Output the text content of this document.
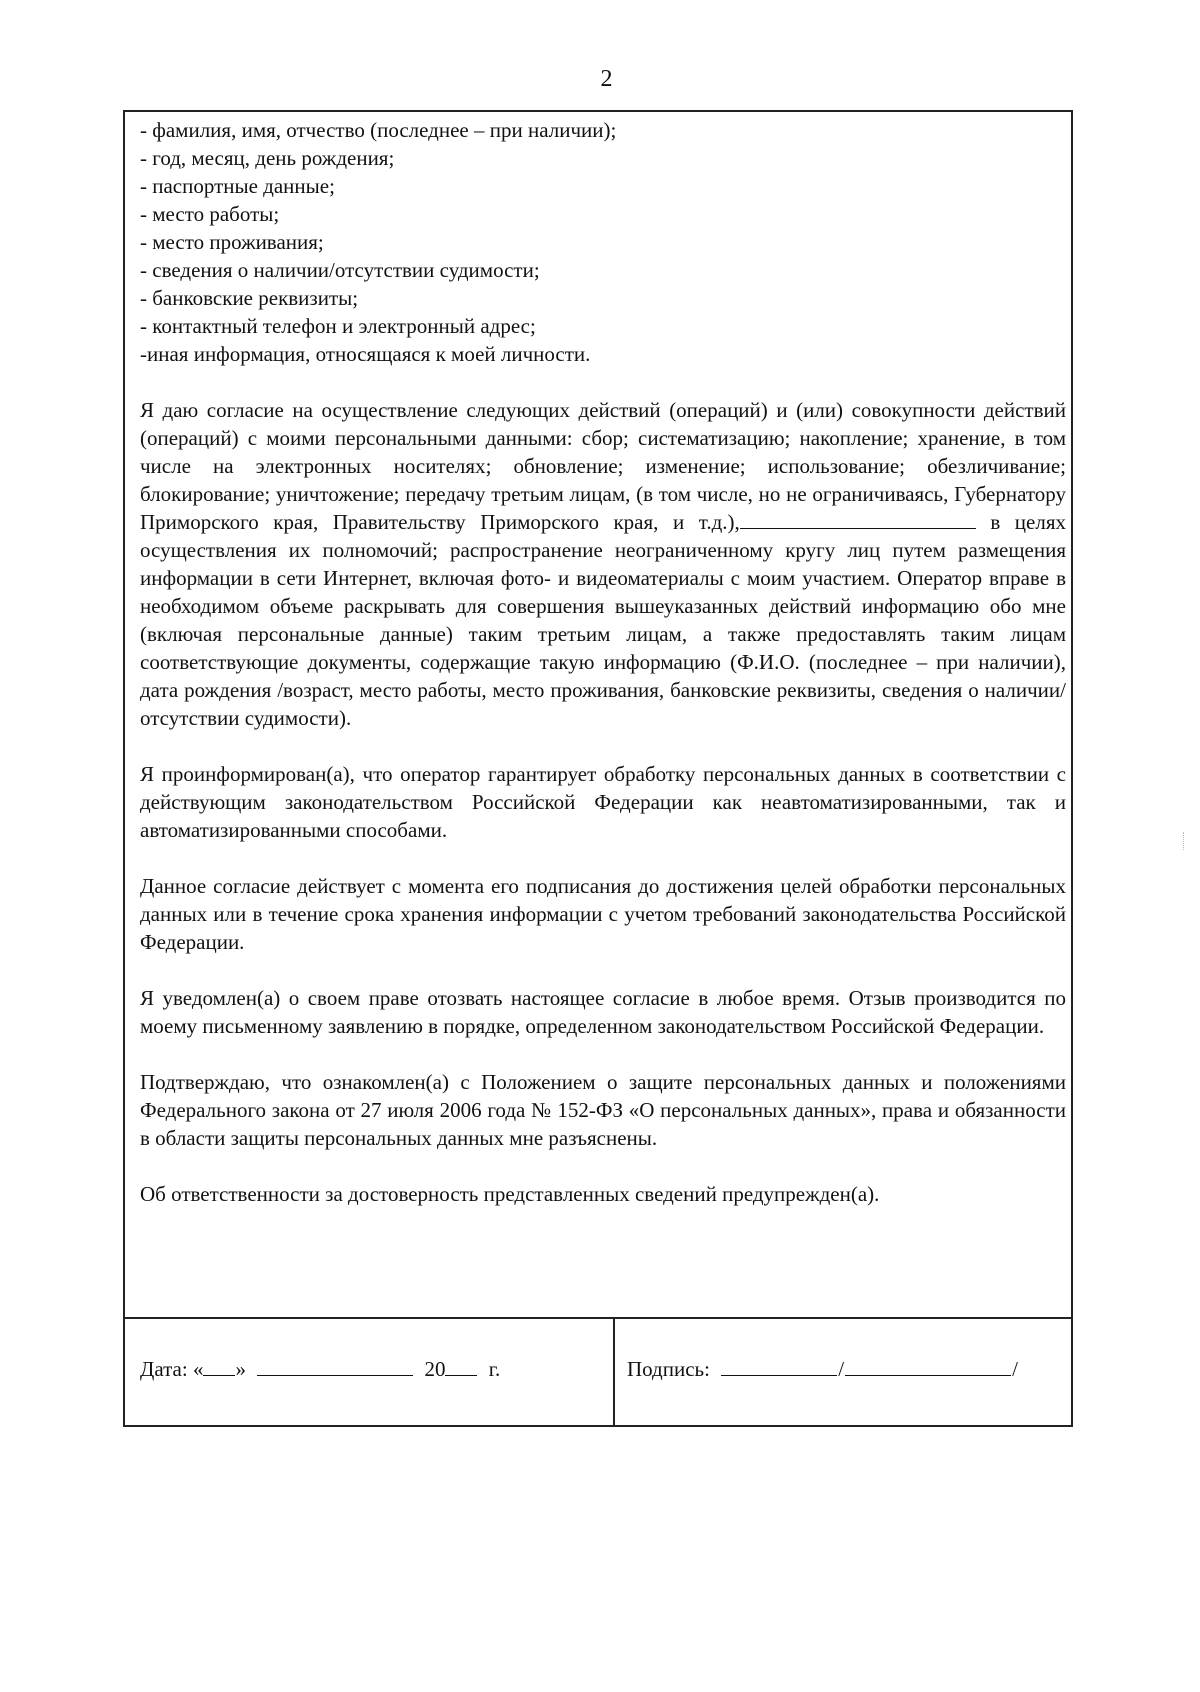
2
- фамилия, имя, отчество (последнее – при наличии);
- год, месяц, день рождения;
- паспортные данные;
- место работы;
- место проживания;
- сведения о наличии/отсутствии судимости;
- банковские реквизиты;
- контактный телефон и электронный адрес;
-иная информация, относящаяся к моей личности.

Я даю согласие на осуществление следующих действий (операций) и (или) совокупности действий (операций) с моими персональными данными: сбор; систематизацию; накопление; хранение, в том числе на электронных носителях; обновление; изменение; использование; обезличивание; блокирование; уничтожение; передачу третьим лицам, (в том числе, но не ограничиваясь, Губернатору Приморского края, Правительству Приморского края, и т.д.),	в целях осуществления их полномочий; распространение неограниченному кругу лиц путем размещения информации в сети Интернет, включая фото- и видеоматериалы с моим участием. Оператор вправе в необходимом объеме раскрывать для совершения вышеуказанных действий информацию обо мне (включая персональные данные) таким третьим лицам, а также предоставлять таким лицам соответствующие документы, содержащие такую информацию (Ф.И.О. (последнее – при наличии), дата рождения /возраст, место работы, место проживания, банковские реквизиты, сведения о наличии/отсутствии судимости).

Я проинформирован(а), что оператор гарантирует обработку персональных данных в соответствии с действующим законодательством Российской Федерации как неавтоматизированными, так и автоматизированными способами.

Данное согласие действует с момента его подписания до достижения целей обработки персональных данных или в течение срока хранения информации с учетом требований законодательства Российской Федерации.

Я уведомлен(а) о своем праве отозвать настоящее согласие в любое время. Отзыв производится по моему письменному заявлению в порядке, определенном законодательством Российской Федерации.

Подтверждаю, что ознакомлен(а) с Положением о защите персональных данных и положениями Федерального закона от 27 июля 2006 года № 152-ФЗ «О персональных данных», права и обязанности в области защиты персональных данных мне разъяснены.

Об ответственности за достоверность представленных сведений предупрежден(а).

Дата: « »	20 г.	Подпись:	/	/
